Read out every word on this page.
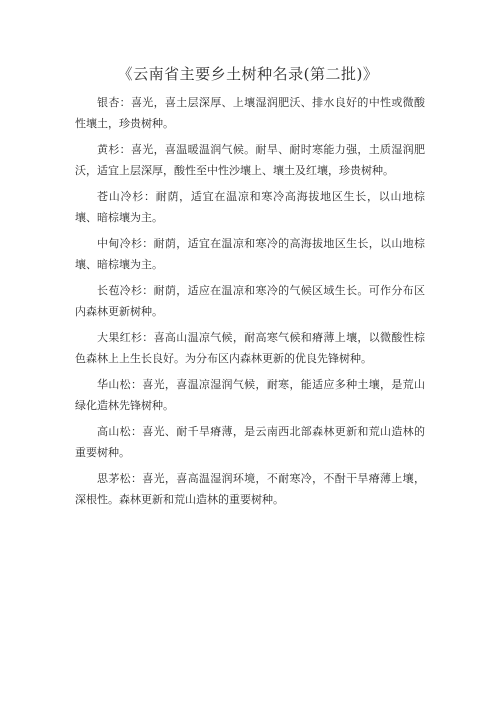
《云南省主要乡土树种名录(第二批)》

银杏：喜光，喜土层深厚、上壤湿润肥沃、排水良好的中性或微酸性壤土，珍贵树种。

黄杉：喜光，喜温暖温润气候。耐旱、耐时寒能力强，土质湿润肥沃，适宜上层深厚，酸性至中性沙壤上、壤土及红壤，珍贵树种。

苍山冷杉：耐荫，适宜在温凉和寒冷高海拔地区生长，以山地棕壤、暗棕壤为主。

中甸冷杉：耐荫，适宜在温凉和寒冷的高海拔地区生长，以山地棕壤、暗棕壤为主。

长苞冷杉：耐荫，适应在温凉和寒冷的气候区域生长。可作分布区内森林更新树种。

大果红杉：喜高山温凉气候，耐高寒气候和瘠薄上壤，以微酸性棕色森林上上生长良好。为分布区内森林更新的优良先锋树种。

华山松：喜光，喜温凉湿润气候，耐寒，能适应多种土壤，是荒山绿化造林先锋树种。

高山松：喜光、耐千旱瘠薄，是云南西北部森林更新和荒山造林的重要树种。

思茅松：喜光，喜高温湿润环境，不耐寒冷，不酎干旱瘠薄上壤，深根性。森林更新和荒山造林的重要树种。
